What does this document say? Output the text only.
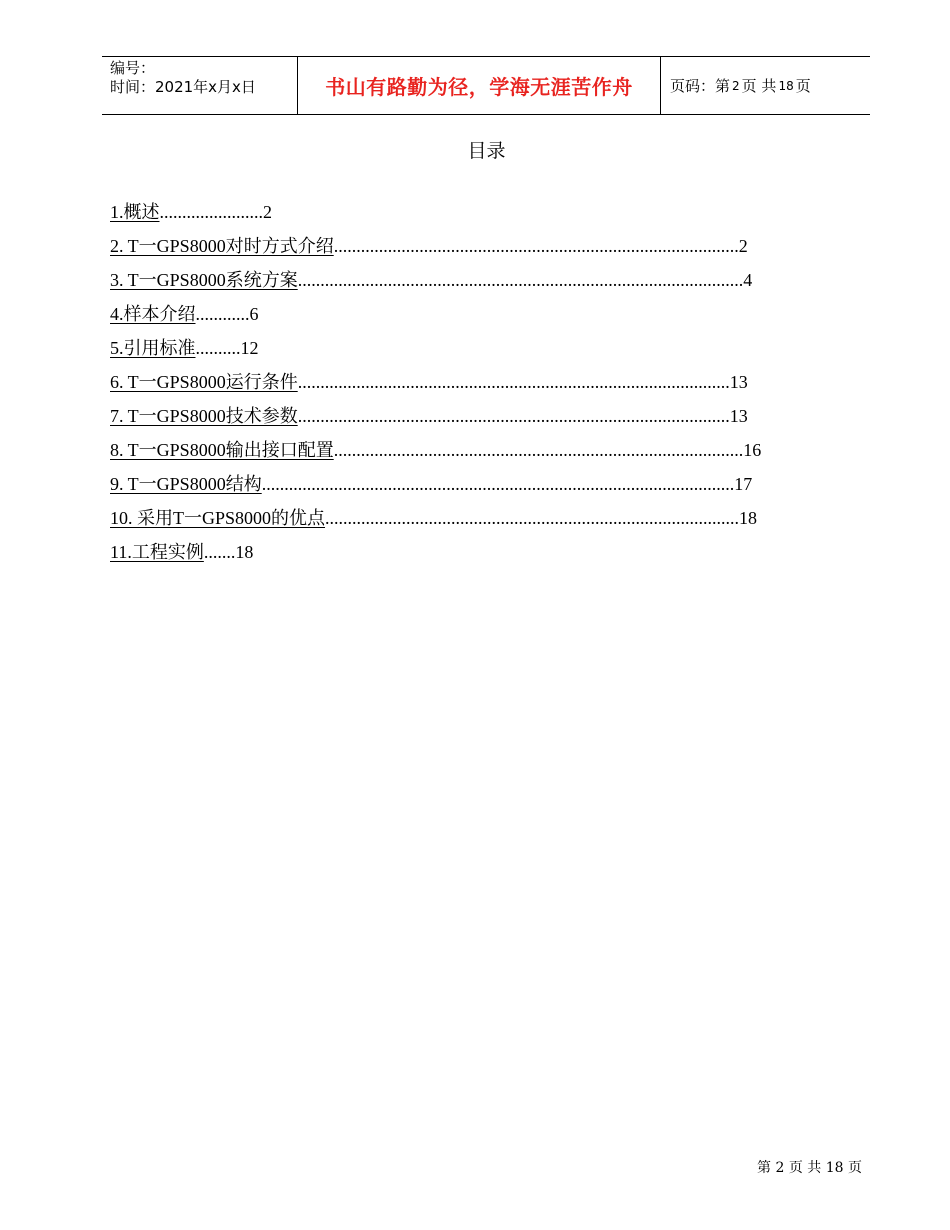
编号：
时间：2021年x月x日	书山有路勤为径，学海无涯苦作舟 页码：第 2 页 共 18 页
目录
1.概述 ....................... 2
2. T一GPS8000对时方式介绍 .......................................................................................... 2
3. T一GPS8000系统方案 ................................................................................................... 4
4.样本介绍 ............ 6
5.引用标准 .......... 12
6. T一GPS8000运行条件 ................................................................................................ 13
7. T一GPS8000技术参数 ................................................................................................ 13
8. T一GPS8000输出接口配置 ........................................................................................... 16
9. T一GPS8000结构 ......................................................................................................... 17
10. 采用T一GPS8000的优点 ............................................................................................ 18
11.工程实例 ....... 18
第 2 页 共 18 页
